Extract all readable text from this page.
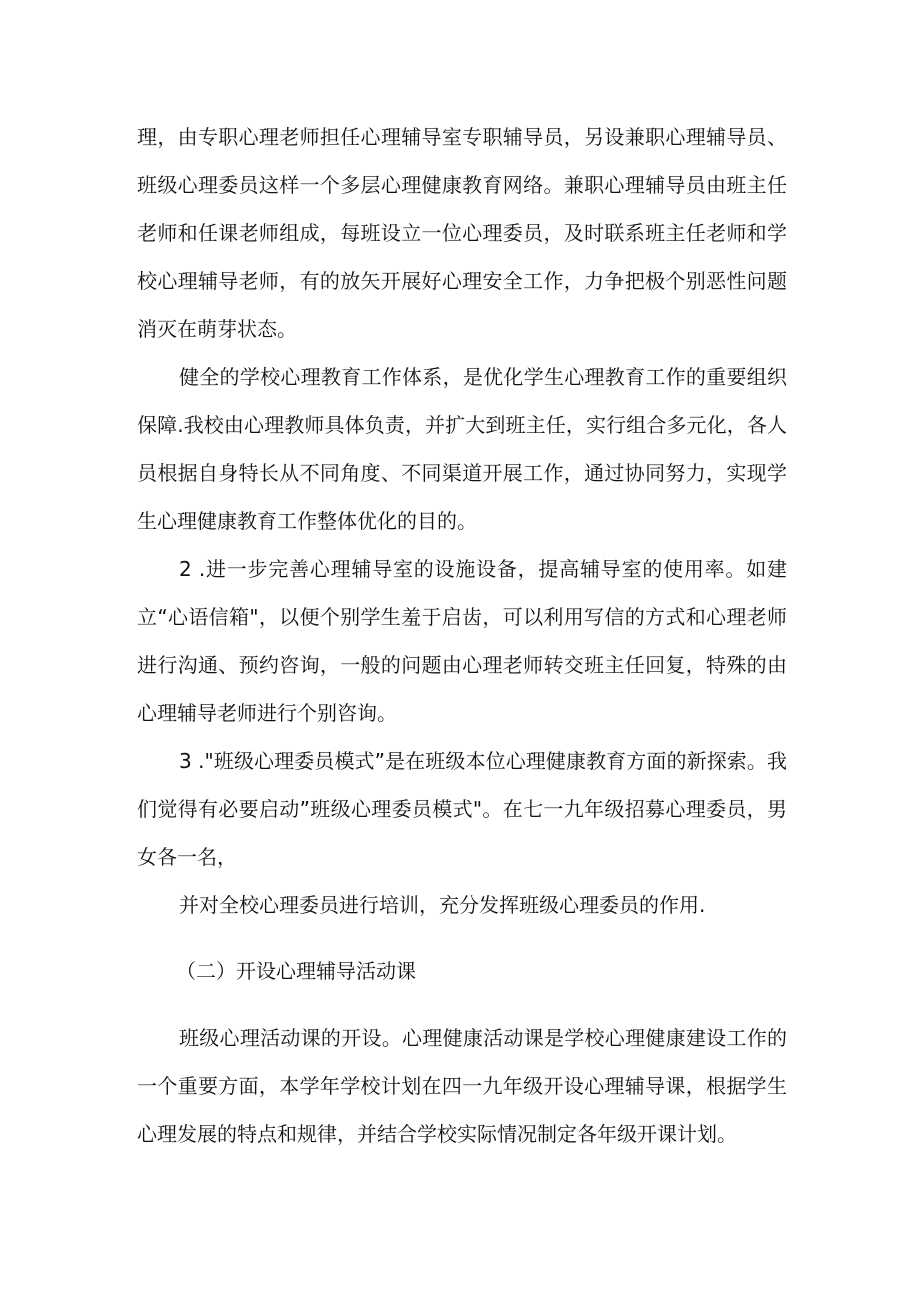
理，由专职心理老师担任心理辅导室专职辅导员，另设兼职心理辅导员、班级心理委员这样一个多层心理健康教育网络。兼职心理辅导员由班主任老师和任课老师组成，每班设立一位心理委员，及时联系班主任老师和学校心理辅导老师，有的放矢开展好心理安全工作，力争把极个别恶性问题消灭在萌芽状态。

健全的学校心理教育工作体系，是优化学生心理教育工作的重要组织保障.我校由心理教师具体负责，并扩大到班主任，实行组合多元化，各人员根据自身特长从不同角度、不同渠道开展工作，通过协同努力，实现学生心理健康教育工作整体优化的目的。

2 .进一步完善心理辅导室的设施设备，提高辅导室的使用率。如建立“心语信箱"，以便个别学生羞于启齿，可以利用写信的方式和心理老师进行沟通、预约咨询，一般的问题由心理老师转交班主任回复，特殊的由心理辅导老师进行个别咨询。

3 ."班级心理委员模式”是在班级本位心理健康教育方面的新探索。我们觉得有必要启动”班级心理委员模式"。在七一九年级招募心理委员，男女各一名，

并对全校心理委员进行培训，充分发挥班级心理委员的作用.

（二）开设心理辅导活动课

班级心理活动课的开设。心理健康活动课是学校心理健康建设工作的一个重要方面，本学年学校计划在四一九年级开设心理辅导课，根据学生心理发展的特点和规律，并结合学校实际情况制定各年级开课计划。
